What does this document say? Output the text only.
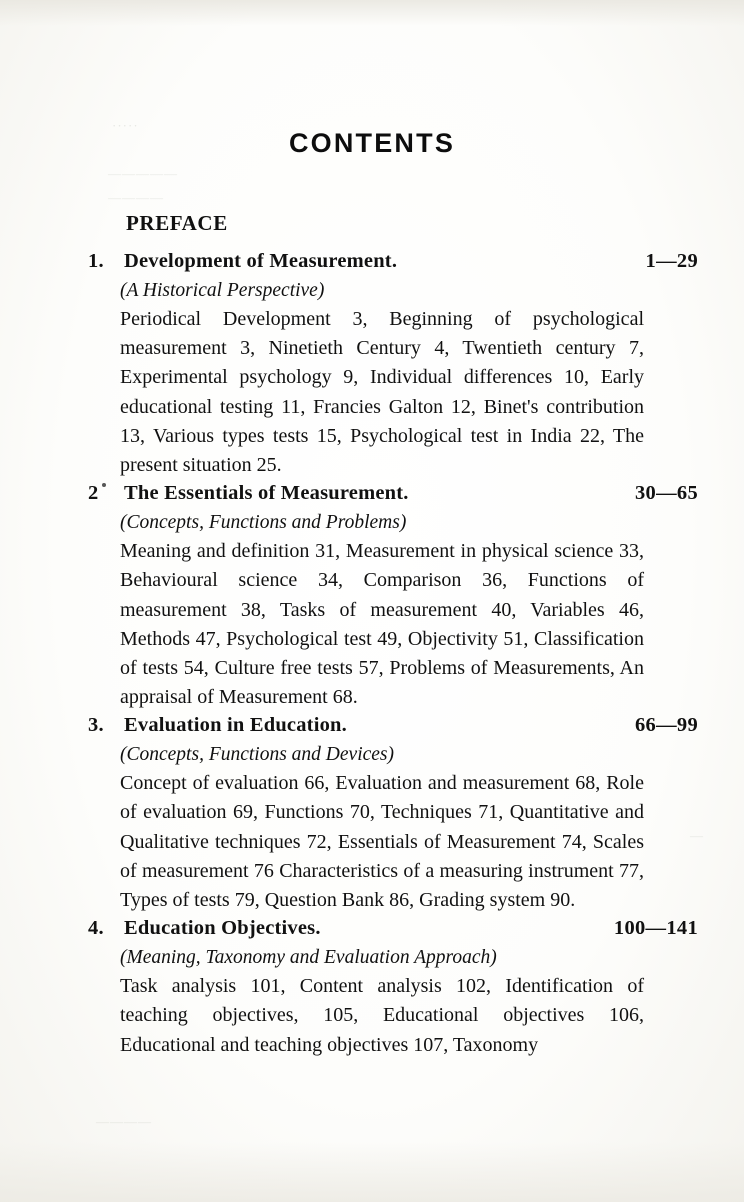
·····
—————
————
—
————
CONTENTS
PREFACE
1. Development of Measurement.	1—29
(A Historical Perspective)
Periodical Development 3, Beginning of psychological measurement 3, Ninetieth Century 4, Twentieth century 7, Experimental psychology 9, Individual differences 10, Early educational testing 11, Francies Galton 12, Binet's contribution 13, Various types tests 15, Psychological test in India 22, The present situation 25.
2	The Essentials of Measurement.	30—65
(Concepts, Functions and Problems)
Meaning and definition 31, Measurement in physical science 33, Behavioural science 34, Comparison 36, Functions of measurement 38, Tasks of measurement 40, Variables 46, Methods 47, Psychological test 49, Objectivity 51, Classification of tests 54, Culture free tests 57, Problems of Measurements, An appraisal of Measurement 68.
3. Evaluation in Education.	66—99
(Concepts, Functions and Devices)
Concept of evaluation 66, Evaluation and measurement 68, Role of evaluation 69, Functions 70, Techniques 71, Quantitative and Qualitative techniques 72, Essentials of Measurement 74, Scales of measurement 76 Characteristics of a measuring instrument 77, Types of tests 79, Question Bank 86, Grading system 90.
4. Education Objectives.	100—141
(Meaning, Taxonomy and Evaluation Approach)
Task analysis 101, Content analysis 102, Identification of teaching objectives, 105, Educational objectives 106, Educational and teaching objectives 107, Taxonomy
